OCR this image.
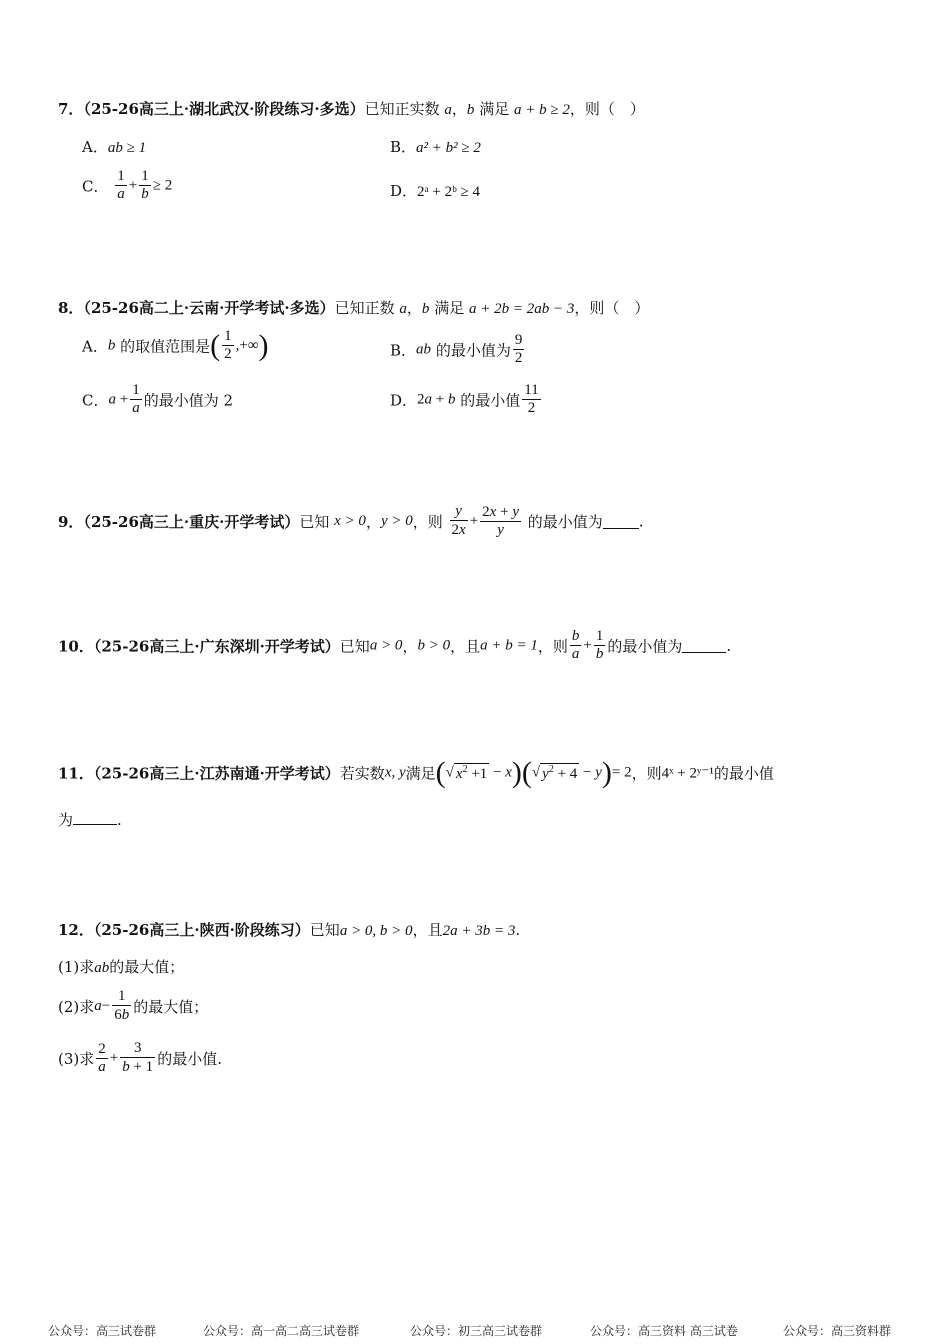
7．（25-26高三上·湖北武汉·阶段练习·多选）已知正实数 a，b 满足 a + b ≥ 2，则（　）
A．ab ≥ 1	B．a² + b² ≥ 2
C． $\frac{1}{a} + \frac{1}{b} \ge 2$	D．2ᵃ + 2ᵇ ≥ 4
8．（25-26高二上·云南·开学考试·多选）已知正数 a，b 满足 a + 2b = 2ab − 3，则（　）
A．b 的取值范围是( $\frac{1}{2}$ ,+∞)	B．ab 的最小值为 $\frac{9}{2}$
C．$a + \frac{1}{a}$ 的最小值为 2	D．2a + b 的最小值 $\frac{11}{2}$
9．（25-26高三上·重庆·开学考试）已知 x > 0，y > 0，则 $\frac{y}{2x} + \frac{2x + y}{y}$ 的最小值为 .
10．（25-26高三上·广东深圳·开学考试）已知a > 0，b > 0，且a + b = 1，则 $\frac{b}{a} + \frac{1}{b}$ 的最小值为	.
11．（25-26高三上·江苏南通·开学考试）若实数x, y满足(√ $x^2 +1 - x)(√$ $y^2 + 4 - y)= 2$，则4ˣ + 2ʸ⁻¹的最小值
为	.
12．（25-26高三上·陕西·阶段练习）已知a > 0, b > 0，且2a + 3b = 3.
(1)求ab的最大值；
(2)求$a- \frac{1}{6b}$ 的最大值；
(3)求 $\frac{2}{a} + \frac{3}{b + 1}$ 的最小值.
公众号：高三试卷群	公众号：高一高二高三试卷群	公众号：初三高三试卷群	公众号：高三资料 高三试卷	公众号：高三资料群
